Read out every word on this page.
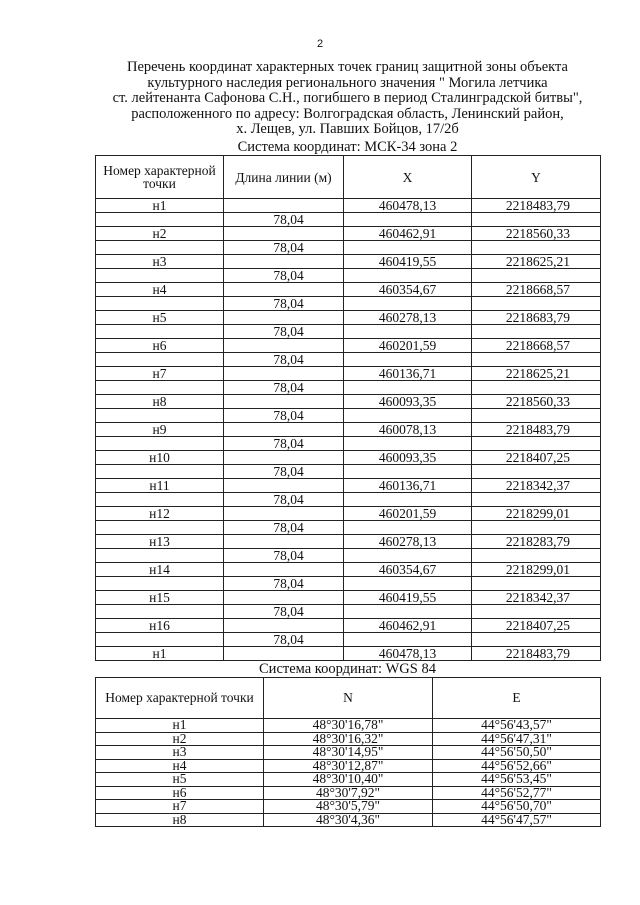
2
Перечень координат характерных точек границ защитной зоны объекта
культурного наследия регионального значения " Могила летчика
ст. лейтенанта Сафонова С.Н., погибшего в период Сталинградской битвы",
расположенного по адресу: Волгоградская область, Ленинский район,
х. Лещев, ул. Павших Бойцов, 17/2б
Система координат: МСК-34 зона 2
Номер характерной точки	Длина линии (м)	X	Y
н1		460478,13	2218483,79
	78,04		
н2		460462,91	2218560,33
	78,04		
н3		460419,55	2218625,21
	78,04		
н4		460354,67	2218668,57
	78,04		
н5		460278,13	2218683,79
	78,04		
н6		460201,59	2218668,57
	78,04		
н7		460136,71	2218625,21
	78,04		
н8		460093,35	2218560,33
	78,04		
н9		460078,13	2218483,79
	78,04		
н10		460093,35	2218407,25
	78,04		
н11		460136,71	2218342,37
	78,04		
н12		460201,59	2218299,01
	78,04		
н13		460278,13	2218283,79
	78,04		
н14		460354,67	2218299,01
	78,04		
н15		460419,55	2218342,37
	78,04		
н16		460462,91	2218407,25
	78,04		
н1		460478,13	2218483,79
Система координат: WGS 84
Номер характерной точки	N	E
н1	48°30'16,78"	44°56'43,57"
н2	48°30'16,32"	44°56'47,31"
н3	48°30'14,95"	44°56'50,50"
н4	48°30'12,87"	44°56'52,66"
н5	48°30'10,40"	44°56'53,45"
н6	48°30'7,92"	44°56'52,77"
н7	48°30'5,79"	44°56'50,70"
н8	48°30'4,36"	44°56'47,57"
